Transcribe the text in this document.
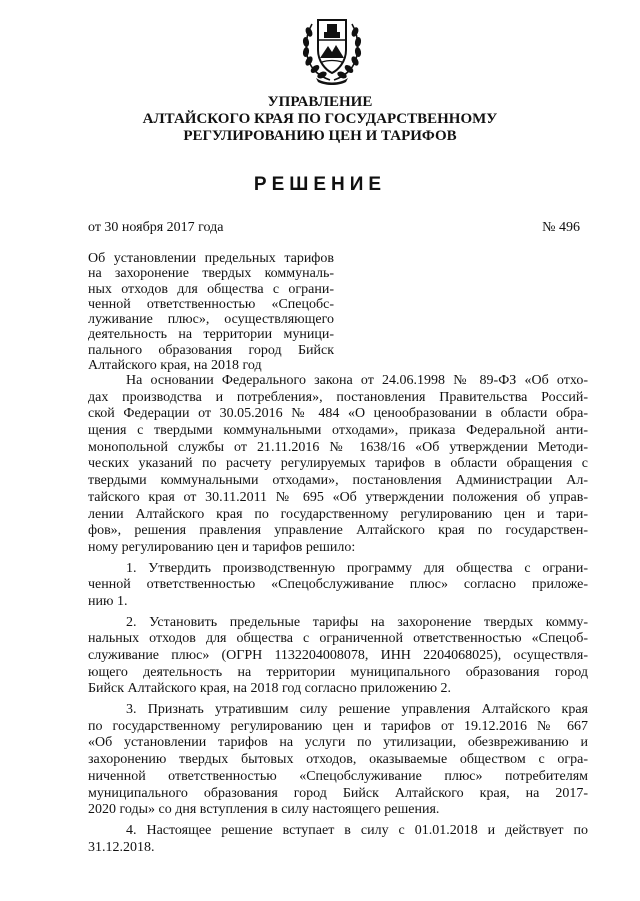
УПРАВЛЕНИЕ
АЛТАЙСКОГО КРАЯ ПО ГОСУДАРСТВЕННОМУ
РЕГУЛИРОВАНИЮ ЦЕН И ТАРИФОВ
РЕШЕНИЕ
от 30 ноября 2017 года	№ 496
Об установлении предельных тарифов
на захоронение твердых коммуналь-
ных отходов для общества с ограни-
ченной ответственностью «Спецобс-
луживание плюс», осуществляющего
деятельность на территории муници-
пального образования город Бийск
Алтайского края, на 2018 год
На основании Федерального закона от 24.06.1998 № 89-ФЗ «Об отхо-
дах производства и потребления», постановления Правительства Россий-
ской Федерации от 30.05.2016 № 484 «О ценообразовании в области обра-
щения с твердыми коммунальными отходами», приказа Федеральной анти-
монопольной службы от 21.11.2016 № 1638/16 «Об утверждении Методи-
ческих указаний по расчету регулируемых тарифов в области обращения с
твердыми коммунальными отходами», постановления Администрации Ал-
тайского края от 30.11.2011 № 695 «Об утверждении положения об управ-
лении Алтайского края по государственному регулированию цен и тари-
фов», решения правления управление Алтайского края по государствен-
ному регулированию цен и тарифов решило:
1. Утвердить производственную программу для общества с ограни-
ченной ответственностью «Спецобслуживание плюс» согласно приложе-
нию 1.
2. Установить предельные тарифы на захоронение твердых комму-
нальных отходов для общества с ограниченной ответственностью «Спецоб-
служивание плюс» (ОГРН 1132204008078, ИНН 2204068025), осуществля-
ющего деятельность на территории муниципального образования город
Бийск Алтайского края, на 2018 год согласно приложению 2.
3. Признать утратившим силу решение управления Алтайского края
по государственному регулированию цен и тарифов от 19.12.2016 № 667
«Об установлении тарифов на услуги по утилизации, обезвреживанию и
захоронению твердых бытовых отходов, оказываемые обществом с огра-
ниченной ответственностью «Спецобслуживание плюс» потребителям
муниципального образования город Бийск Алтайского края, на 2017-
2020 годы» со дня вступления в силу настоящего решения.
4. Настоящее решение вступает в силу с 01.01.2018 и действует по
31.12.2018.
